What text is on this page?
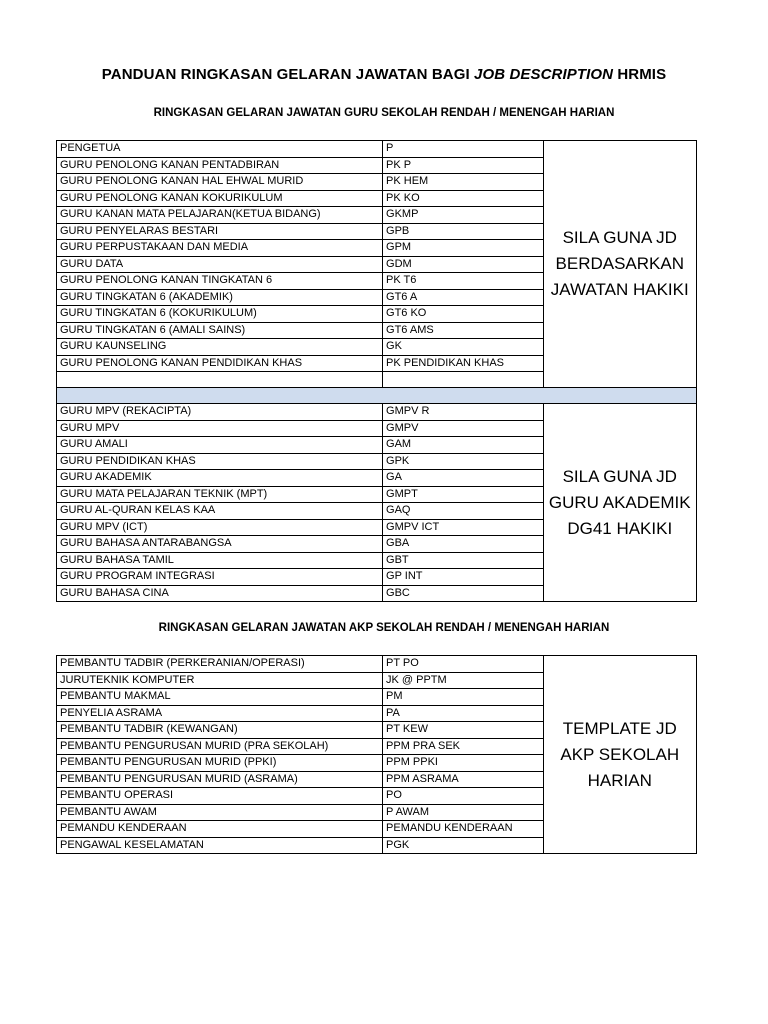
PANDUAN RINGKASAN GELARAN JAWATAN BAGI JOB DESCRIPTION HRMIS
RINGKASAN GELARAN JAWATAN GURU SEKOLAH RENDAH / MENENGAH HARIAN
PENGETUA	P	SILA GUNA JD BERDASARKAN JAWATAN HAKIKI
GURU PENOLONG KANAN PENTADBIRAN	PK P	
GURU PENOLONG KANAN HAL EHWAL MURID	PK HEM	
GURU PENOLONG KANAN KOKURIKULUM	PK KO	
GURU KANAN MATA PELAJARAN(KETUA BIDANG)	GKMP	
GURU PENYELARAS BESTARI	GPB	
GURU PERPUSTAKAAN DAN MEDIA	GPM	
GURU DATA	GDM	
GURU PENOLONG KANAN TINGKATAN 6	PK T6	
GURU TINGKATAN 6 (AKADEMIK)	GT6 A	
GURU TINGKATAN 6 (KOKURIKULUM)	GT6 KO	
GURU TINGKATAN 6 (AMALI SAINS)	GT6 AMS	
GURU KAUNSELING	GK	
GURU PENOLONG KANAN PENDIDIKAN KHAS	PK PENDIDIKAN KHAS	

GURU MPV (REKACIPTA)	GMPV R	SILA GUNA JD GURU AKADEMIK DG41 HAKIKI
GURU MPV	GMPV	
GURU AMALI	GAM	
GURU PENDIDIKAN KHAS	GPK	
GURU AKADEMIK	GA	
GURU MATA PELAJARAN TEKNIK (MPT)	GMPT	
GURU AL-QURAN KELAS KAA	GAQ	
GURU MPV (ICT)	GMPV ICT	
GURU BAHASA ANTARABANGSA	GBA	
GURU BAHASA TAMIL	GBT	
GURU PROGRAM INTEGRASI	GP INT	
GURU BAHASA CINA	GBC	
RINGKASAN GELARAN JAWATAN AKP SEKOLAH RENDAH / MENENGAH HARIAN
PEMBANTU TADBIR (PERKERANIAN/OPERASI)	PT PO	TEMPLATE JD AKP SEKOLAH HARIAN
JURUTEKNIK KOMPUTER	JK @ PPTM	
PEMBANTU MAKMAL	PM	
PENYELIA ASRAMA	PA	
PEMBANTU TADBIR (KEWANGAN)	PT KEW	
PEMBANTU PENGURUSAN MURID (PRA SEKOLAH)	PPM PRA SEK	
PEMBANTU PENGURUSAN MURID (PPKI)	PPM PPKI	
PEMBANTU PENGURUSAN MURID (ASRAMA)	PPM ASRAMA	
PEMBANTU OPERASI	PO	
PEMBANTU AWAM	P AWAM	
PEMANDU KENDERAAN	PEMANDU KENDERAAN	
PENGAWAL KESELAMATAN	PGK	
